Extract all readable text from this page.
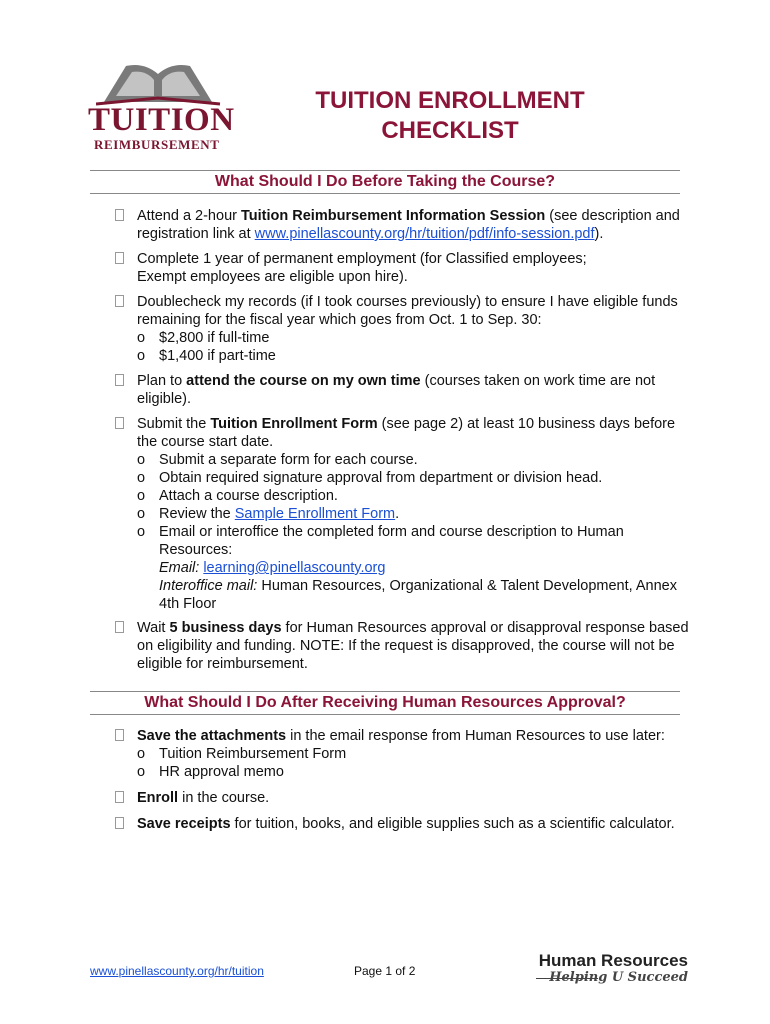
TUITION
REIMBURSEMENT
TUITION ENROLLMENT
CHECKLIST
What Should I Do Before Taking the Course?
Attend a 2-hour Tuition Reimbursement Information Session (see description and registration link at www.pinellascounty.org/hr/tuition/pdf/info-session.pdf).
Complete 1 year of permanent employment (for Classified employees;
Exempt employees are eligible upon hire).
Doublecheck my records (if I took courses previously) to ensure I have eligible funds remaining for the fiscal year which goes from Oct. 1 to Sep. 30:
o $2,800 if full-time
o $1,400 if part-time
Plan to attend the course on my own time (courses taken on work time are not eligible).
Submit the Tuition Enrollment Form (see page 2) at least 10 business days before the course start date.
o Submit a separate form for each course.
o Obtain required signature approval from department or division head.
o Attach a course description.
o Review the Sample Enrollment Form.
o Email or interoffice the completed form and course description to Human Resources:
Email: learning@pinellascounty.org
Interoffice mail: Human Resources, Organizational & Talent Development, Annex 4th Floor
Wait 5 business days for Human Resources approval or disapproval response based on eligibility and funding. NOTE: If the request is disapproved, the course will not be eligible for reimbursement.
What Should I Do After Receiving Human Resources Approval?
Save the attachments in the email response from Human Resources to use later:
o Tuition Reimbursement Form
o HR approval memo
Enroll in the course.
Save receipts for tuition, books, and eligible supplies such as a scientific calculator.
www.pinellascounty.org/hr/tuition	Page 1 of 2
Human Resources
Helping U Succeed
